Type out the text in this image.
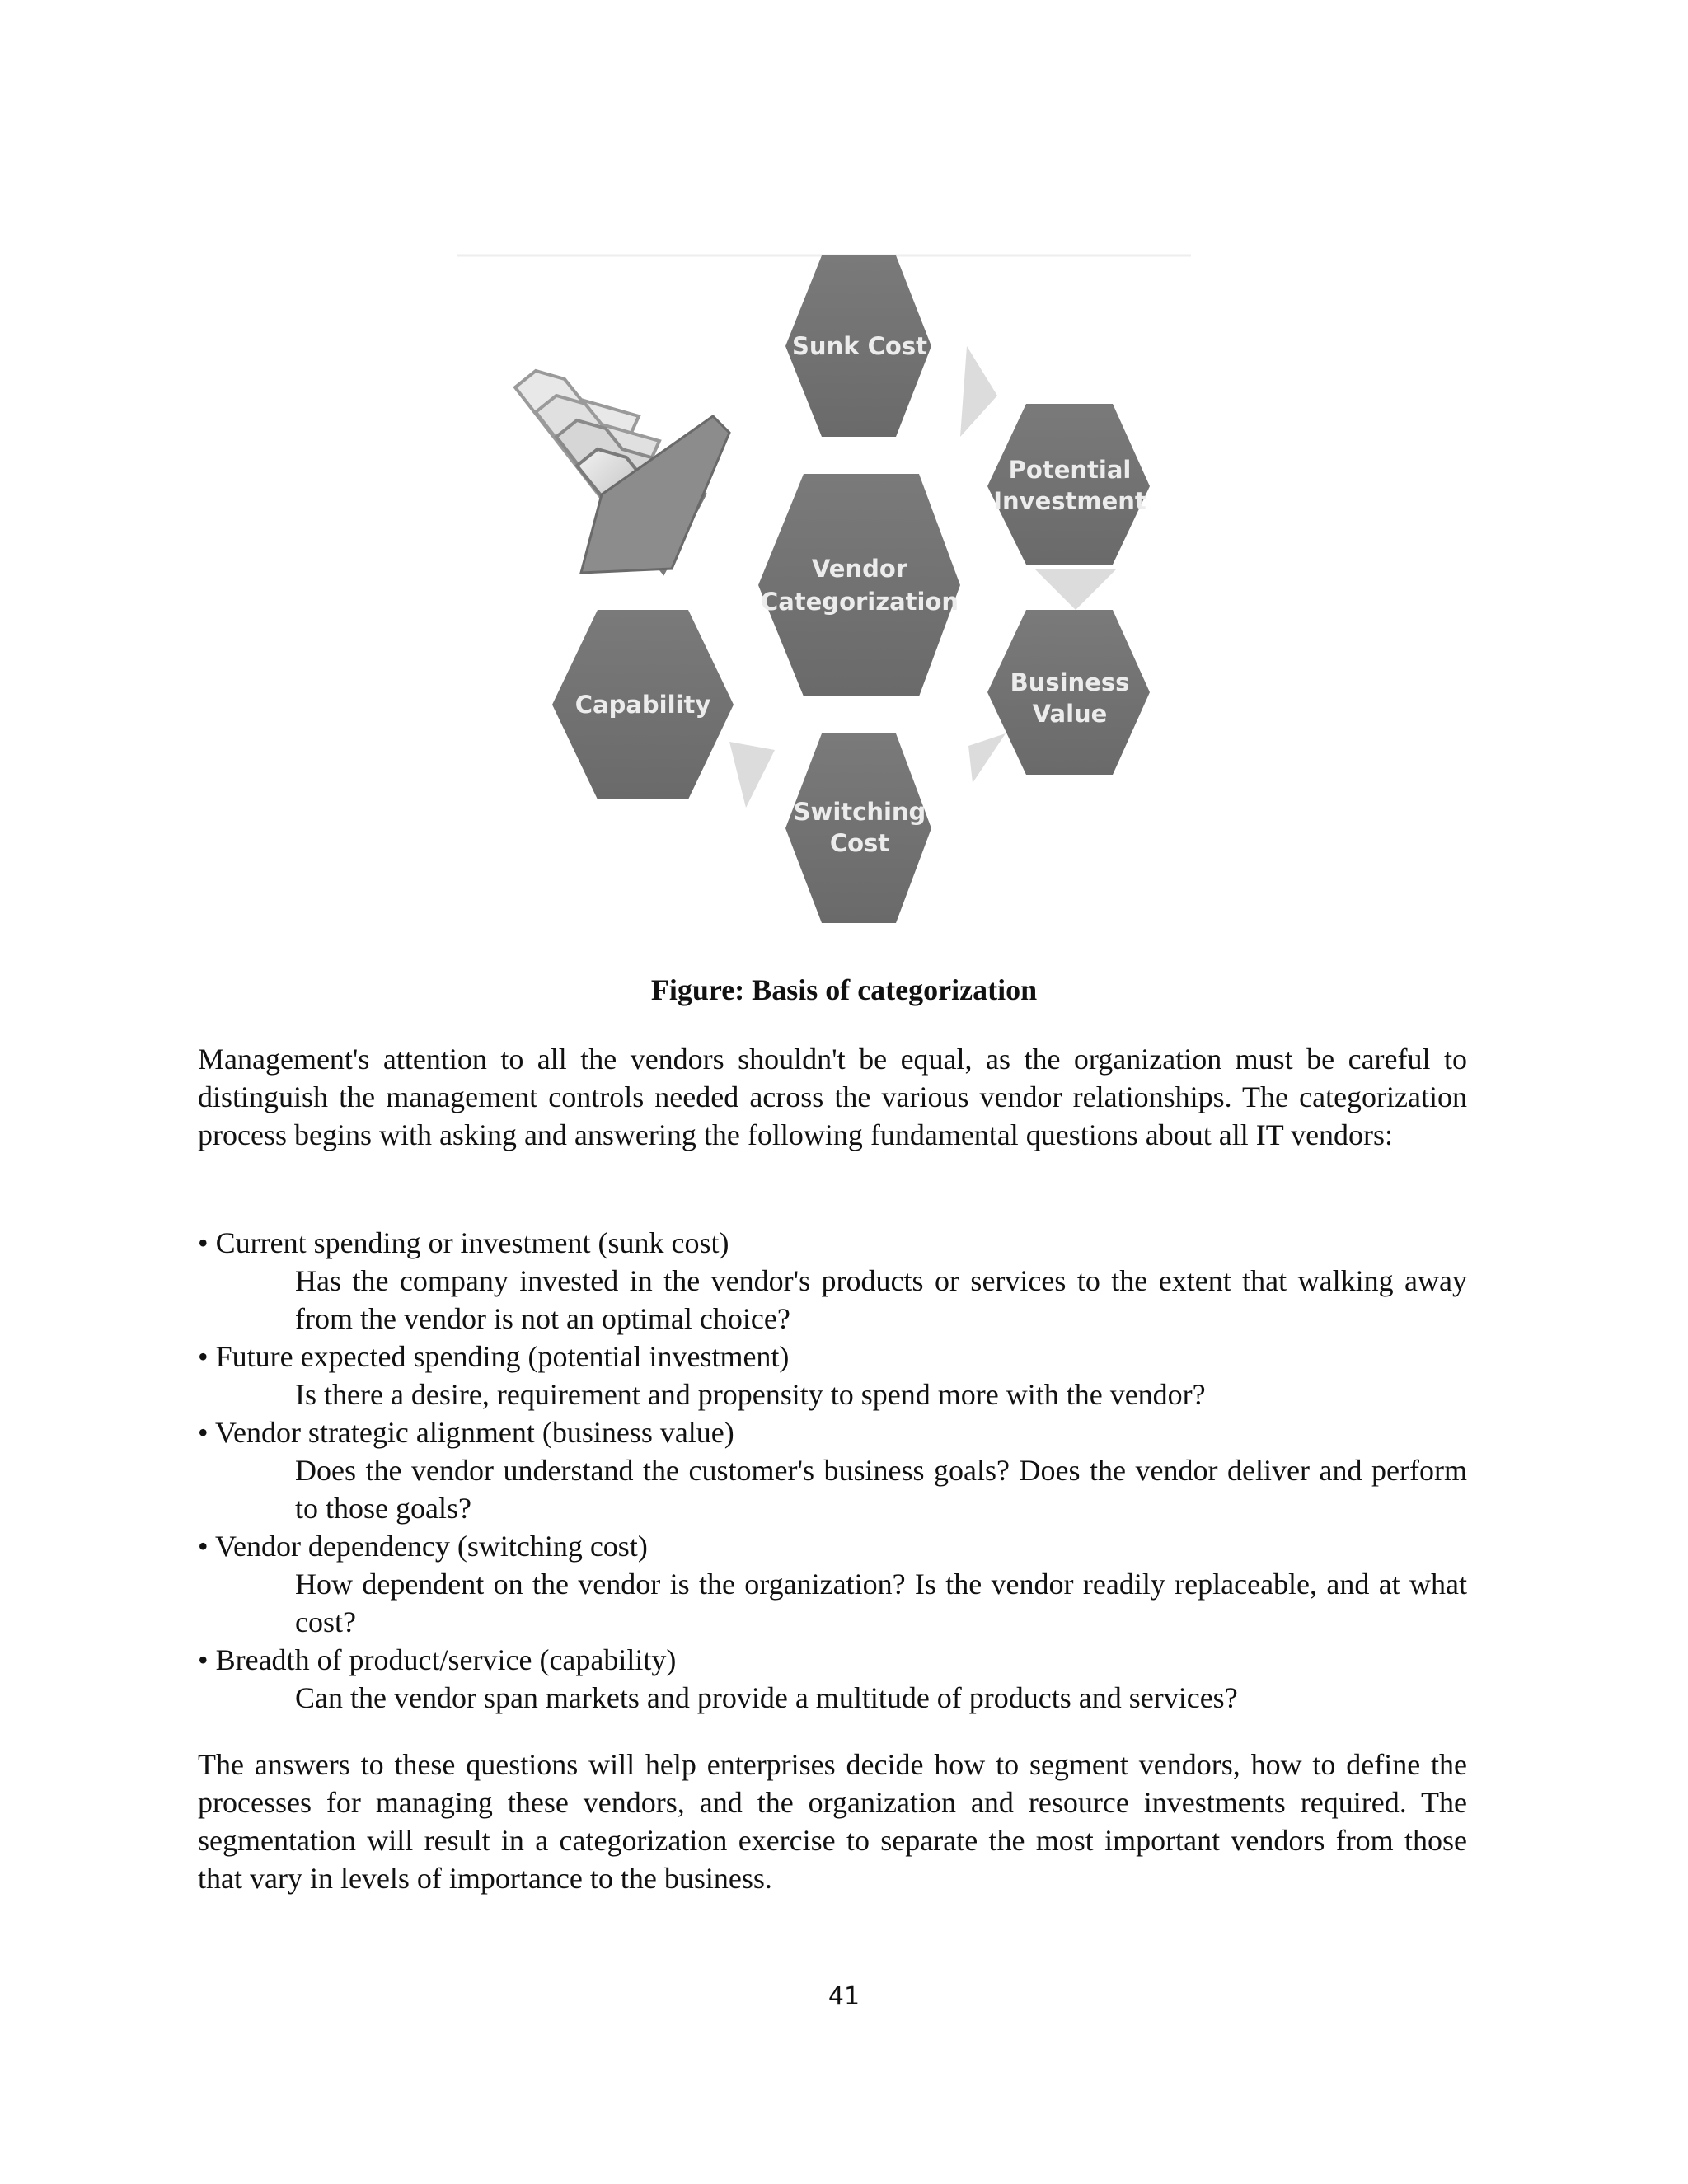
Sunk Cost
Potential
Investment
Vendor
Categorization
Capability
Business
Value
Switching
Cost
Figure: Basis of categorization

Management's attention to all the vendors shouldn't be equal, as the organization must be careful to distinguish the management controls needed across the various vendor relationships. The categorization process begins with asking and answering the following fundamental questions about all IT vendors:

• Current spending or investment (sunk cost)

Has the company invested in the vendor's products or services to the extent that walking away from the vendor is not an optimal choice?

• Future expected spending (potential investment)

Is there a desire, requirement and propensity to spend more with the vendor?

• Vendor strategic alignment (business value)

Does the vendor understand the customer's business goals? Does the vendor deliver and perform to those goals?

• Vendor dependency (switching cost)

How dependent on the vendor is the organization? Is the vendor readily replaceable, and at what cost?

• Breadth of product/service (capability)

Can the vendor span markets and provide a multitude of products and services?

The answers to these questions will help enterprises decide how to segment vendors, how to define the processes for managing these vendors, and the organization and resource investments required. The segmentation will result in a categorization exercise to separate the most important vendors from those that vary in levels of importance to the business.

41
